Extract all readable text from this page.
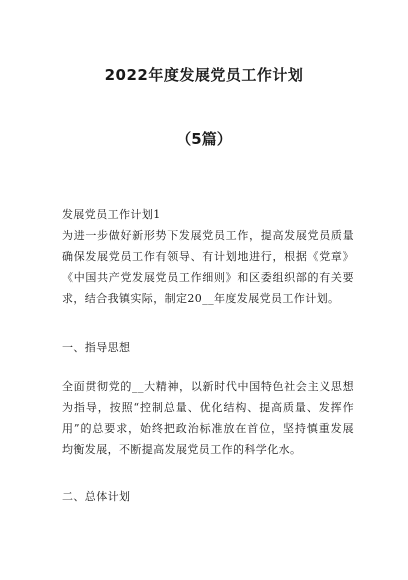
2022年度发展党员工作计划
（5篇）
发展党员工作计划1
为进一步做好新形势下发展党员工作，提高发展党员质量
确保发展党员工作有领导、有计划地进行，根据《党章》
《中国共产党发展党员工作细则》和区委组织部的有关要
求，结合我镇实际，制定20__年度发展党员工作计划。
一、指导思想
全面贯彻党的__大精神，以新时代中国特色社会主义思想
为指导，按照“控制总量、优化结构、提高质量、发挥作
用”的总要求，始终把政治标准放在首位，坚持慎重发展
均衡发展，不断提高发展党员工作的科学化水。
二、总体计划
